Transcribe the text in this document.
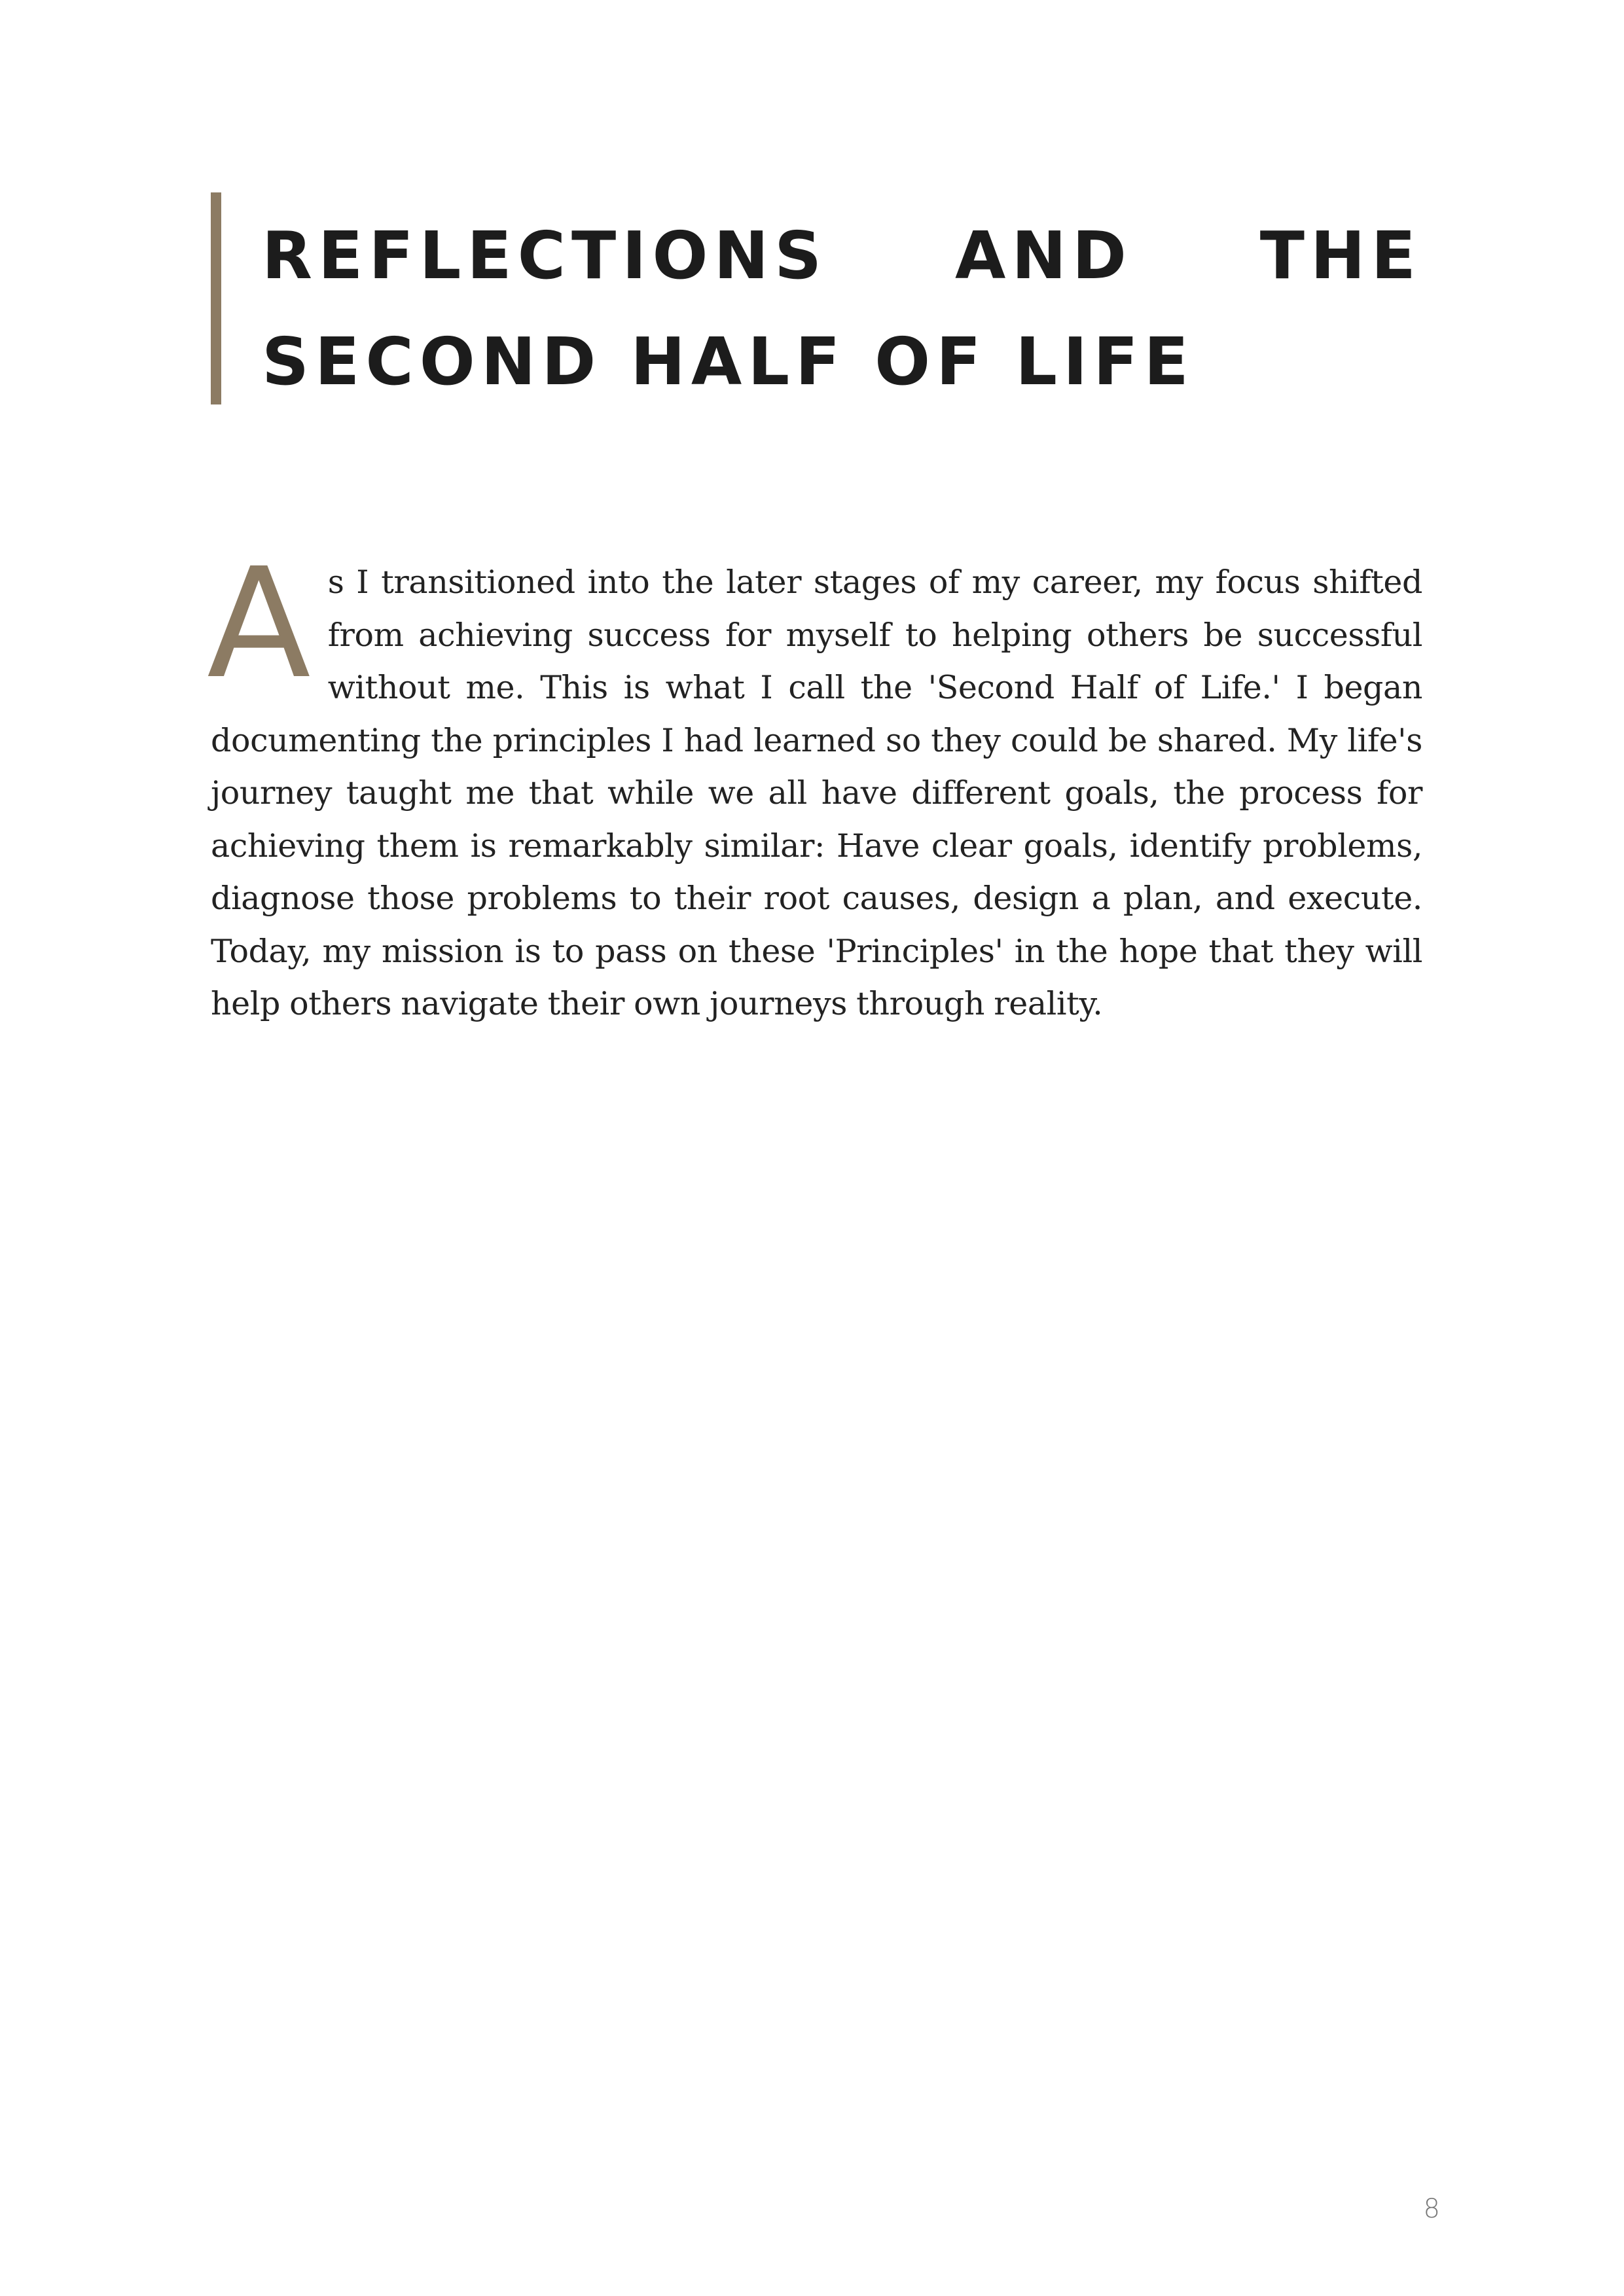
REFLECTIONS AND THE
SECOND HALF OF LIFE
A s I transitioned into the later stages of my career, my focus shifted from achieving success for myself to helping others be successful without me. This is what I call the 'Second Half of Life.' I began documenting the principles I had learned so they could be shared. My life's journey taught me that while we all have different goals, the process for achieving them is remarkably similar: Have clear goals, identify problems, diagnose those problems to their root causes, design a plan, and execute. Today, my mission is to pass on these 'Principles' in the hope that they will help others navigate their own journeys through reality.

8
